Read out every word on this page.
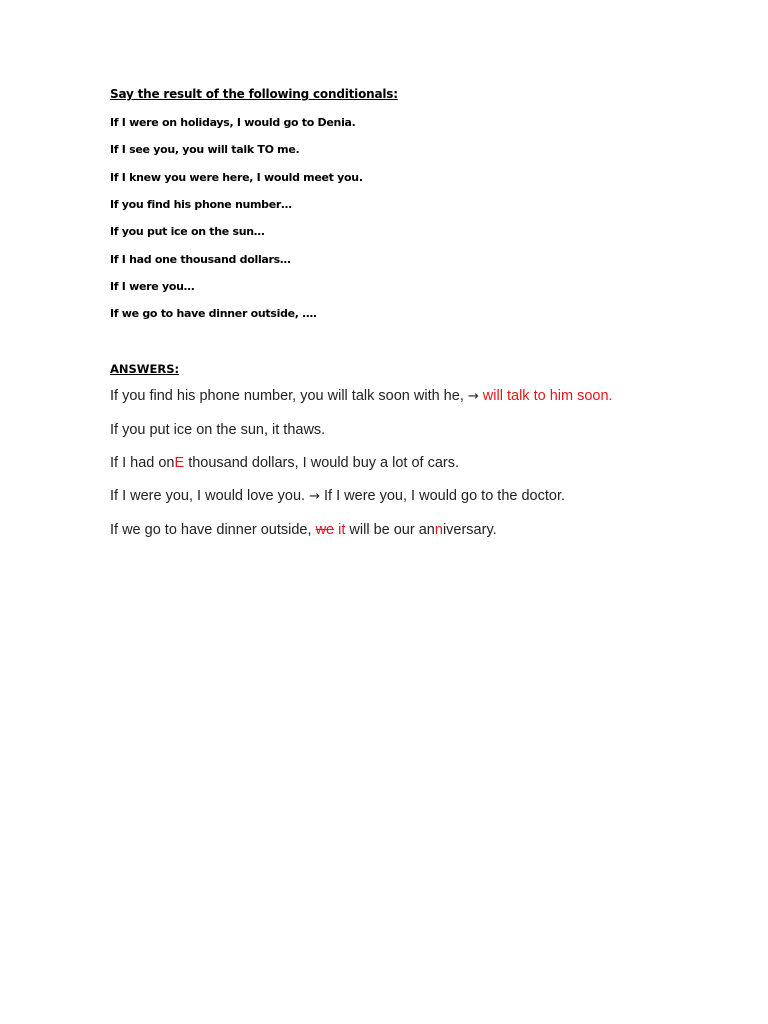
Say the result of the following conditionals:
If I were on holidays, I would go to Denia.
If I see you, you will talk TO me.
If I knew you were here, I would meet you.
If you find his phone number…
If you put ice on the sun…
If I had one thousand dollars…
If I were you…
If we go to have dinner outside, ….
ANSWERS:
If you find his phone number, you will talk soon with he, → will talk to him soon.
If you put ice on the sun, it thaws.
If I had onE thousand dollars, I would buy a lot of cars.
If I were you, I would love you. → If I were you, I would go to the doctor.
If we go to have dinner outside, we it will be our anniversary.
